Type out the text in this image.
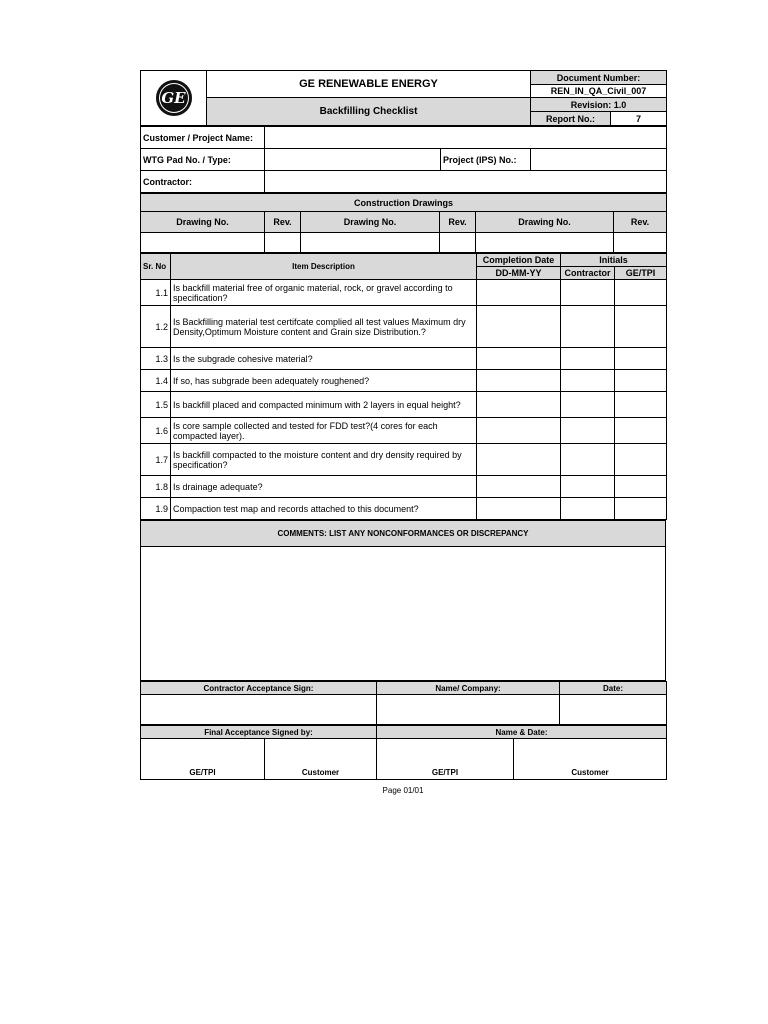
GE	GE RENEWABLE ENERGY	Document Number:	
		REN_IN_QA_Civil_007	
	Backfilling Checklist	Revision: 1.0	
		Report No.:	7
Customer / Project Name:			
WTG Pad No. / Type:		Project (IPS) No.:	
Contractor:			
Construction Drawings					
Drawing No.	Rev.	Drawing No.	Rev.	Drawing No.	Rev.

Sr. No	Item Description	Completion Date	Initials	
		DD-MM-YY	Contractor	GE/TPI
1.1	Is backfill material free of organic material, rock, or gravel according to specification?			
1.2	Is Backfilling material test certifcate complied all test values Maximum dry Density,Optimum Moisture content and Grain size Distribution.?			
1.3	Is the subgrade cohesive material?			
1.4	If so, has subgrade been adequately roughened?			
1.5	Is backfill placed and compacted minimum with 2 layers in equal height?			
1.6	Is core sample collected and tested for FDD test?(4 cores for each compacted layer).			
1.7	Is backfill compacted to the moisture content and dry density required by specification?			
1.8	Is drainage adequate?			
1.9	Compaction test map and records attached to this document?			
COMMENTS: LIST ANY NONCONFORMANCES OR DISCREPANCY

Contractor Acceptance Sign:	Name/ Company:	Date:

Final Acceptance Signed by:		Name & Date:	
GE/TPI	Customer	GE/TPI	Customer
Page 01/01
